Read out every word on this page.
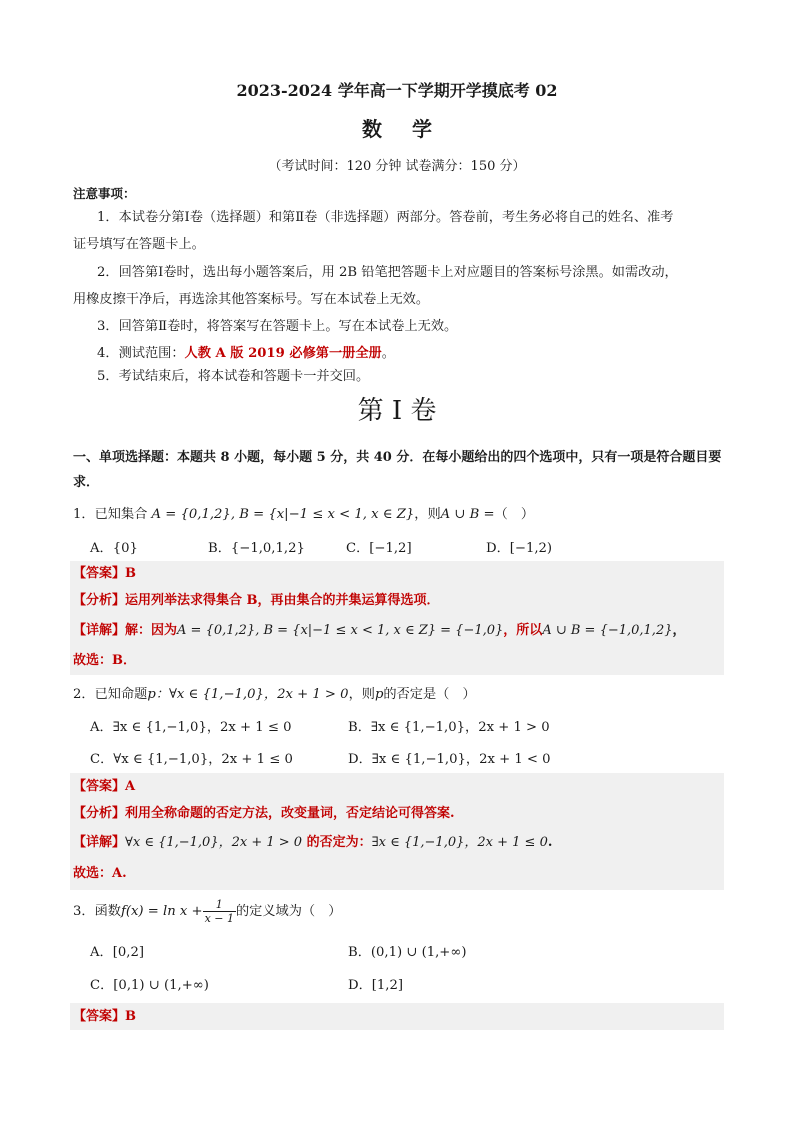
2023-2024 学年高一下学期开学摸底考 02
数学
（考试时间：120 分钟 试卷满分：150 分）
注意事项：
1．本试卷分第Ⅰ卷（选择题）和第Ⅱ卷（非选择题）两部分。答卷前，考生务必将自己的姓名、准考
证号填写在答题卡上。
2．回答第Ⅰ卷时，选出每小题答案后，用 2B 铅笔把答题卡上对应题目的答案标号涂黑。如需改动，
用橡皮擦干净后，再选涂其他答案标号。写在本试卷上无效。
3．回答第Ⅱ卷时，将答案写在答题卡上。写在本试卷上无效。
4．测试范围：人教 A 版 2019 必修第一册全册。
5．考试结束后，将本试卷和答题卡一并交回。
第 I 卷
一、单项选择题：本题共 8 小题，每小题 5 分，共 40 分．在每小题给出的四个选项中，只有一项是符合题目要求．
1．已知集合 A = {0,1,2}, B = {x|−1 ≤ x < 1, x ∈ Z}，则A ∪ B =（　）
A．{0}	B．{−1,0,1,2}	C．[−1,2]	D．[−1,2)
【答案】B
【分析】运用列举法求得集合 B，再由集合的并集运算得选项．
【详解】解：因为A = {0,1,2}, B = {x|−1 ≤ x < 1, x ∈ Z} = {−1,0}，所以A ∪ B = {−1,0,1,2}，
故选：B．
2．已知命题p：∀x ∈ {1,−1,0}，2x + 1 > 0，则p的否定是（　）
A．∃x ∈ {1,−1,0}，2x + 1 ≤ 0	B．∃x ∈ {1,−1,0}，2x + 1 > 0
C．∀x ∈ {1,−1,0}，2x + 1 ≤ 0	D．∃x ∈ {1,−1,0}，2x + 1 < 0
【答案】A
【分析】利用全称命题的否定方法，改变量词，否定结论可得答案.
【详解】∀x ∈ {1,−1,0}，2x + 1 > 0 的否定为：∃x ∈ {1,−1,0}，2x + 1 ≤ 0.
故选：A.
3．函数$f(x) = \ln x + \frac{1}{x - 1}$ 的定义域为（　）
A．[0,2]	B．(0,1) ∪ (1,+∞)
C．[0,1) ∪ (1,+∞)	D．[1,2]
【答案】B
